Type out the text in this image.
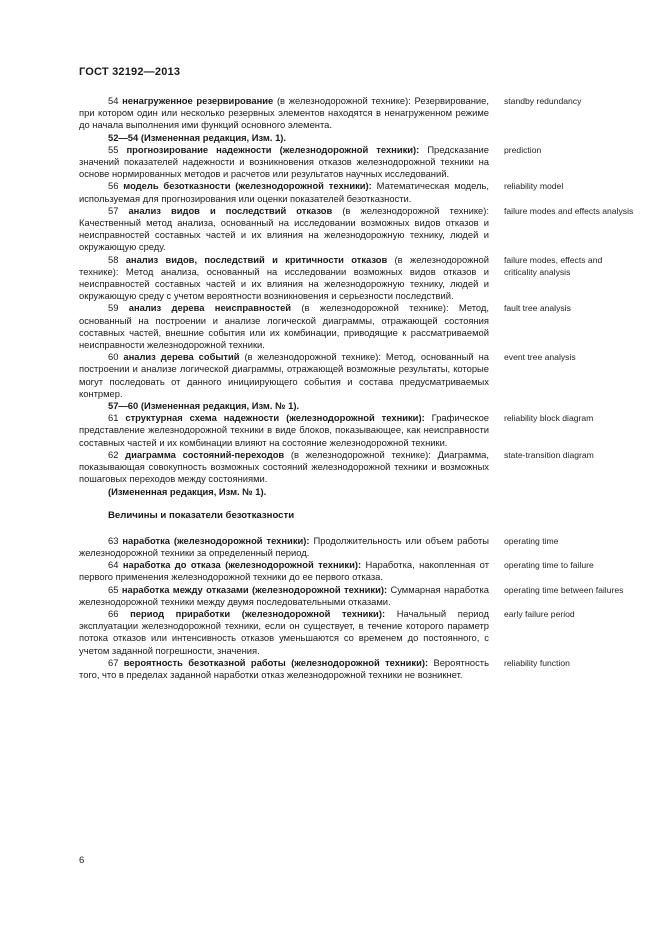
ГОСТ 32192—2013

54 ненагруженное резервирование (в железнодорожной технике): Резервирование, при котором один или несколько резервных элементов находятся в ненагруженном режиме до начала выполнения ими функций основного элемента.

standby redundancy

52—54 (Измененная редакция, Изм. 1).

55 прогнозирование надежности (железнодорожной техники): Предсказание значений показателей надежности и возникновения отказов железнодорожной техники на основе нормированных методов и расчетов или результатов научных исследований.

prediction

56 модель безотказности (железнодорожной техники): Математическая модель, используемая для прогнозирования или оценки показателей безотказности.

reliability model

57 анализ видов и последствий отказов (в железнодорожной технике): Качественный метод анализа, основанный на исследовании возможных видов отказов и неисправностей составных частей и их влияния на железнодорожную технику, людей и окружающую среду.

failure modes and effects analysis

58 анализ видов, последствий и критичности отказов (в железнодорожной технике): Метод анализа, основанный на исследовании возможных видов отказов и неисправностей составных частей и их влияния на железнодорожную технику, людей и окружающую среду с учетом вероятности возникновения и серьезности последствий.

failure modes, effects and criticality analysis

59 анализ дерева неисправностей (в железнодорожной технике): Метод, основанный на построении и анализе логической диаграммы, отражающей состояния составных частей, внешние события или их комбинации, приводящие к рассматриваемой неисправности железнодорожной техники.

fault tree analysis

60 анализ дерева событий (в железнодорожной технике): Метод, основанный на построении и анализе логической диаграммы, отражающей возможные результаты, которые могут последовать от данного инициирующего события и состава предусматриваемых контрмер.

event tree analysis

57—60 (Измененная редакция, Изм. № 1).

61 структурная схема надежности (железнодорожной техники): Графическое представление железнодорожной техники в виде блоков, показывающее, как неисправности составных частей и их комбинации влияют на состояние железнодорожной техники.

reliability block diagram

62 диаграмма состояний-переходов (в железнодорожной технике): Диаграмма, показывающая совокупность возможных состояний железнодорожной техники и возможных пошаговых переходов между состояниями.

state-transition diagram

(Измененная редакция, Изм. № 1).

Величины и показатели безотказности

63 наработка (железнодорожной техники): Продолжительность или объем работы железнодорожной техники за определенный период.

operating time

64 наработка до отказа (железнодорожной техники): Наработка, накопленная от первого применения железнодорожной техники до ее первого отказа.

operating time to failure

65 наработка между отказами (железнодорожной техники): Суммарная наработка железнодорожной техники между двумя последовательными отказами.

operating time between failures

66 период приработки (железнодорожной техники): Начальный период эксплуатации железнодорожной техники, если он существует, в течение которого параметр потока отказов или интенсивность отказов уменьшаются со временем до постоянного, с учетом заданной погрешности, значения.

early failure period

67 вероятность безотказной работы (железнодорожной техники): Вероятность того, что в пределах заданной наработки отказ железнодорожной техники не возникнет.

reliability function
6
